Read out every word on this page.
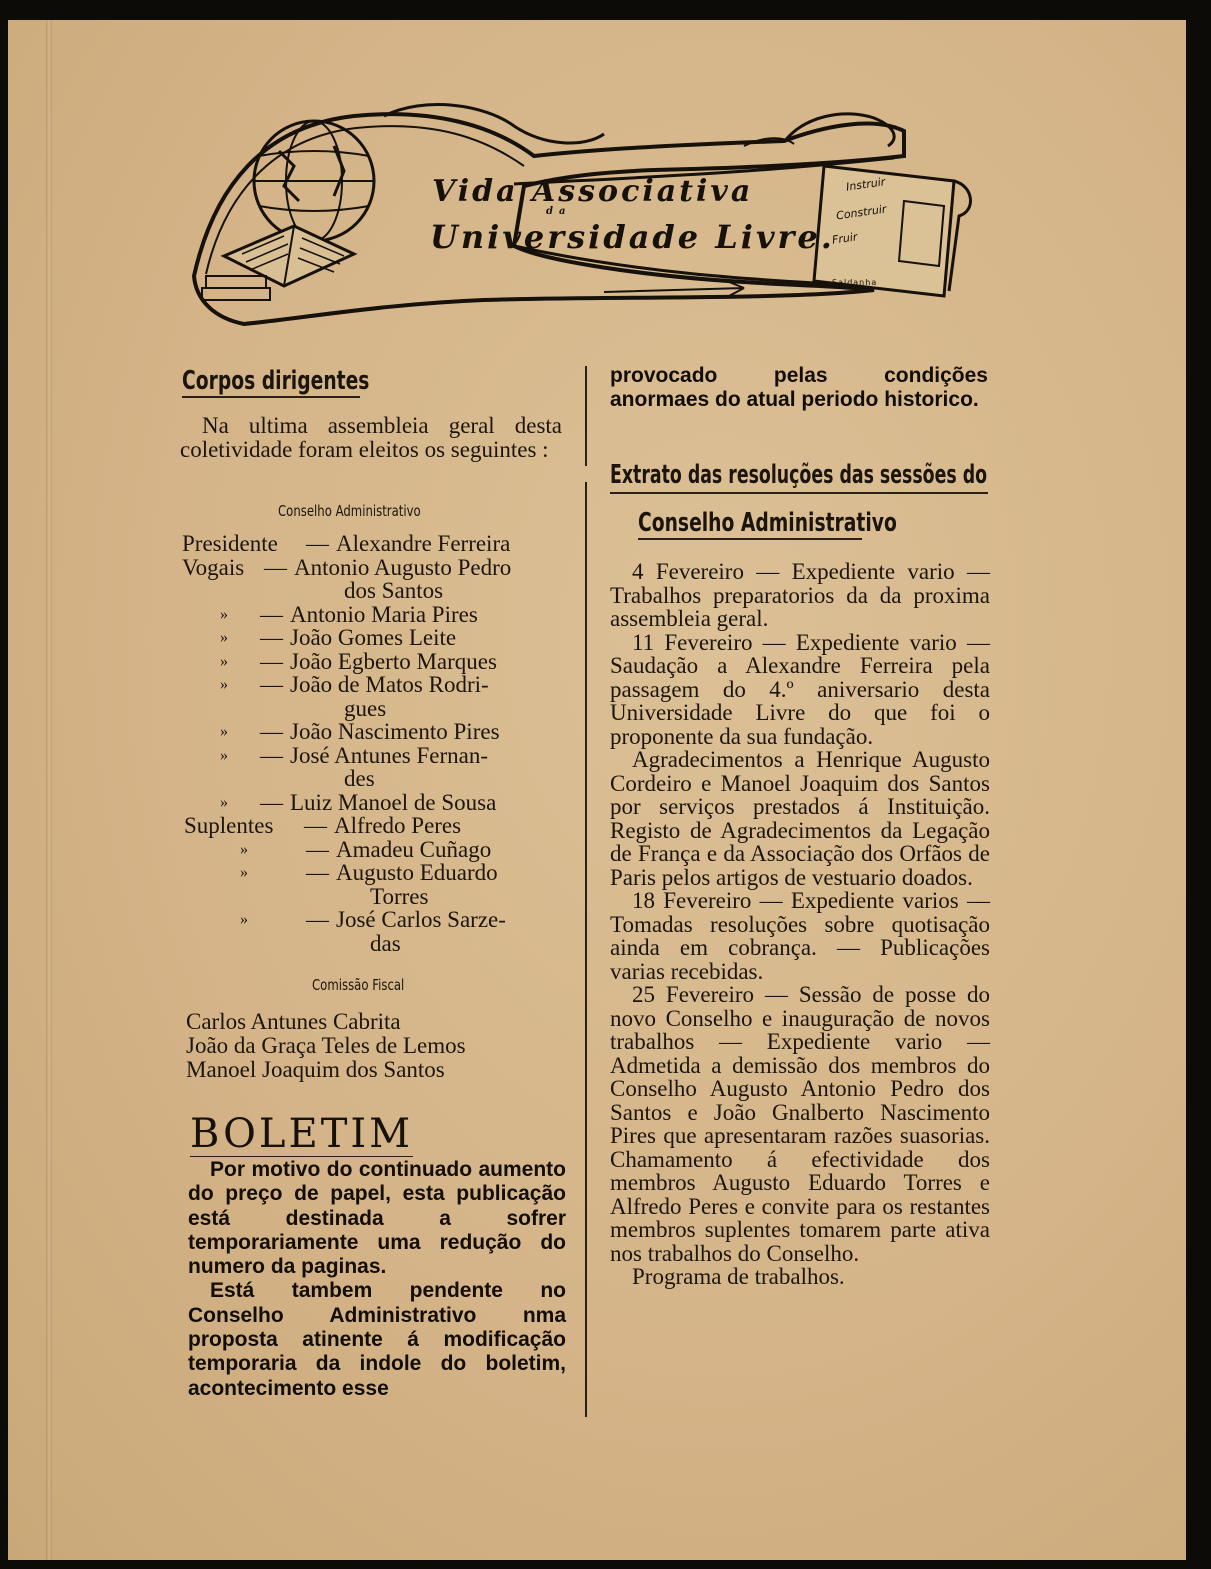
Vida Associativa
da
Universidade Livre.
Instruir
Construir
Fruir
Saldanha
Corpos dirigentes

Na ultima assembleia geral desta coletividade foram eleitos os seguintes :

Conselho Administrativo
Presidente — Alexandre Ferreira
Vogais — Antonio Augusto Pedro
dos Santos
» — Antonio Maria Pires
» — João Gomes Leite
» — João Egberto Marques
» — João de Matos Rodri-
gues
» — João Nascimento Pires
» — José Antunes Fernan-
des
» — Luiz Manoel de Sousa
Suplentes — Alfredo Peres
»	— Amadeu Cuñago
»	— Augusto Eduardo
Torres
»	— José Carlos Sarze-
das
Comissão Fiscal
Carlos Antunes Cabrita
João da Graça Teles de Lemos
Manoel Joaquim dos Santos
BOLETIM

Por motivo do continuado aumento do preço de papel, esta publicação está destinada a sofrer temporariamente uma redução do numero da paginas.

Está tambem pendente no Conselho Administrativo nma proposta atinente á modificação temporaria da indole do boletim, acontecimento esse

provocado pelas condições anormaes do atual periodo historico.
Extrato das resoluções das sessões do
Conselho Administrativo

4 Fevereiro — Expediente vario — Trabalhos preparatorios da da proxima assembleia geral.

11 Fevereiro — Expediente vario — Saudação a Alexandre Ferreira pela passagem do 4.º aniversario desta Universidade Livre do que foi o proponente da sua fundação.

Agradecimentos a Henrique Augusto Cordeiro e Manoel Joaquim dos Santos por serviços prestados á Instituição. Registo de Agradecimentos da Legação de França e da Associação dos Orfãos de Paris pelos artigos de vestuario doados.

18 Fevereiro — Expediente varios — Tomadas resoluções sobre quotisação ainda em cobrança. — Publicações varias recebidas.

25 Fevereiro — Sessão de posse do novo Conselho e inauguração de novos trabalhos — Expediente vario — Admetida a demissão dos membros do Conselho Augusto Antonio Pedro dos Santos e João Gnalberto Nascimento Pires que apresentaram razões suasorias. Chamamento á efectividade dos membros Augusto Eduardo Torres e Alfredo Peres e convite para os restantes membros suplentes tomarem parte ativa nos trabalhos do Conselho.

Programa de trabalhos.
